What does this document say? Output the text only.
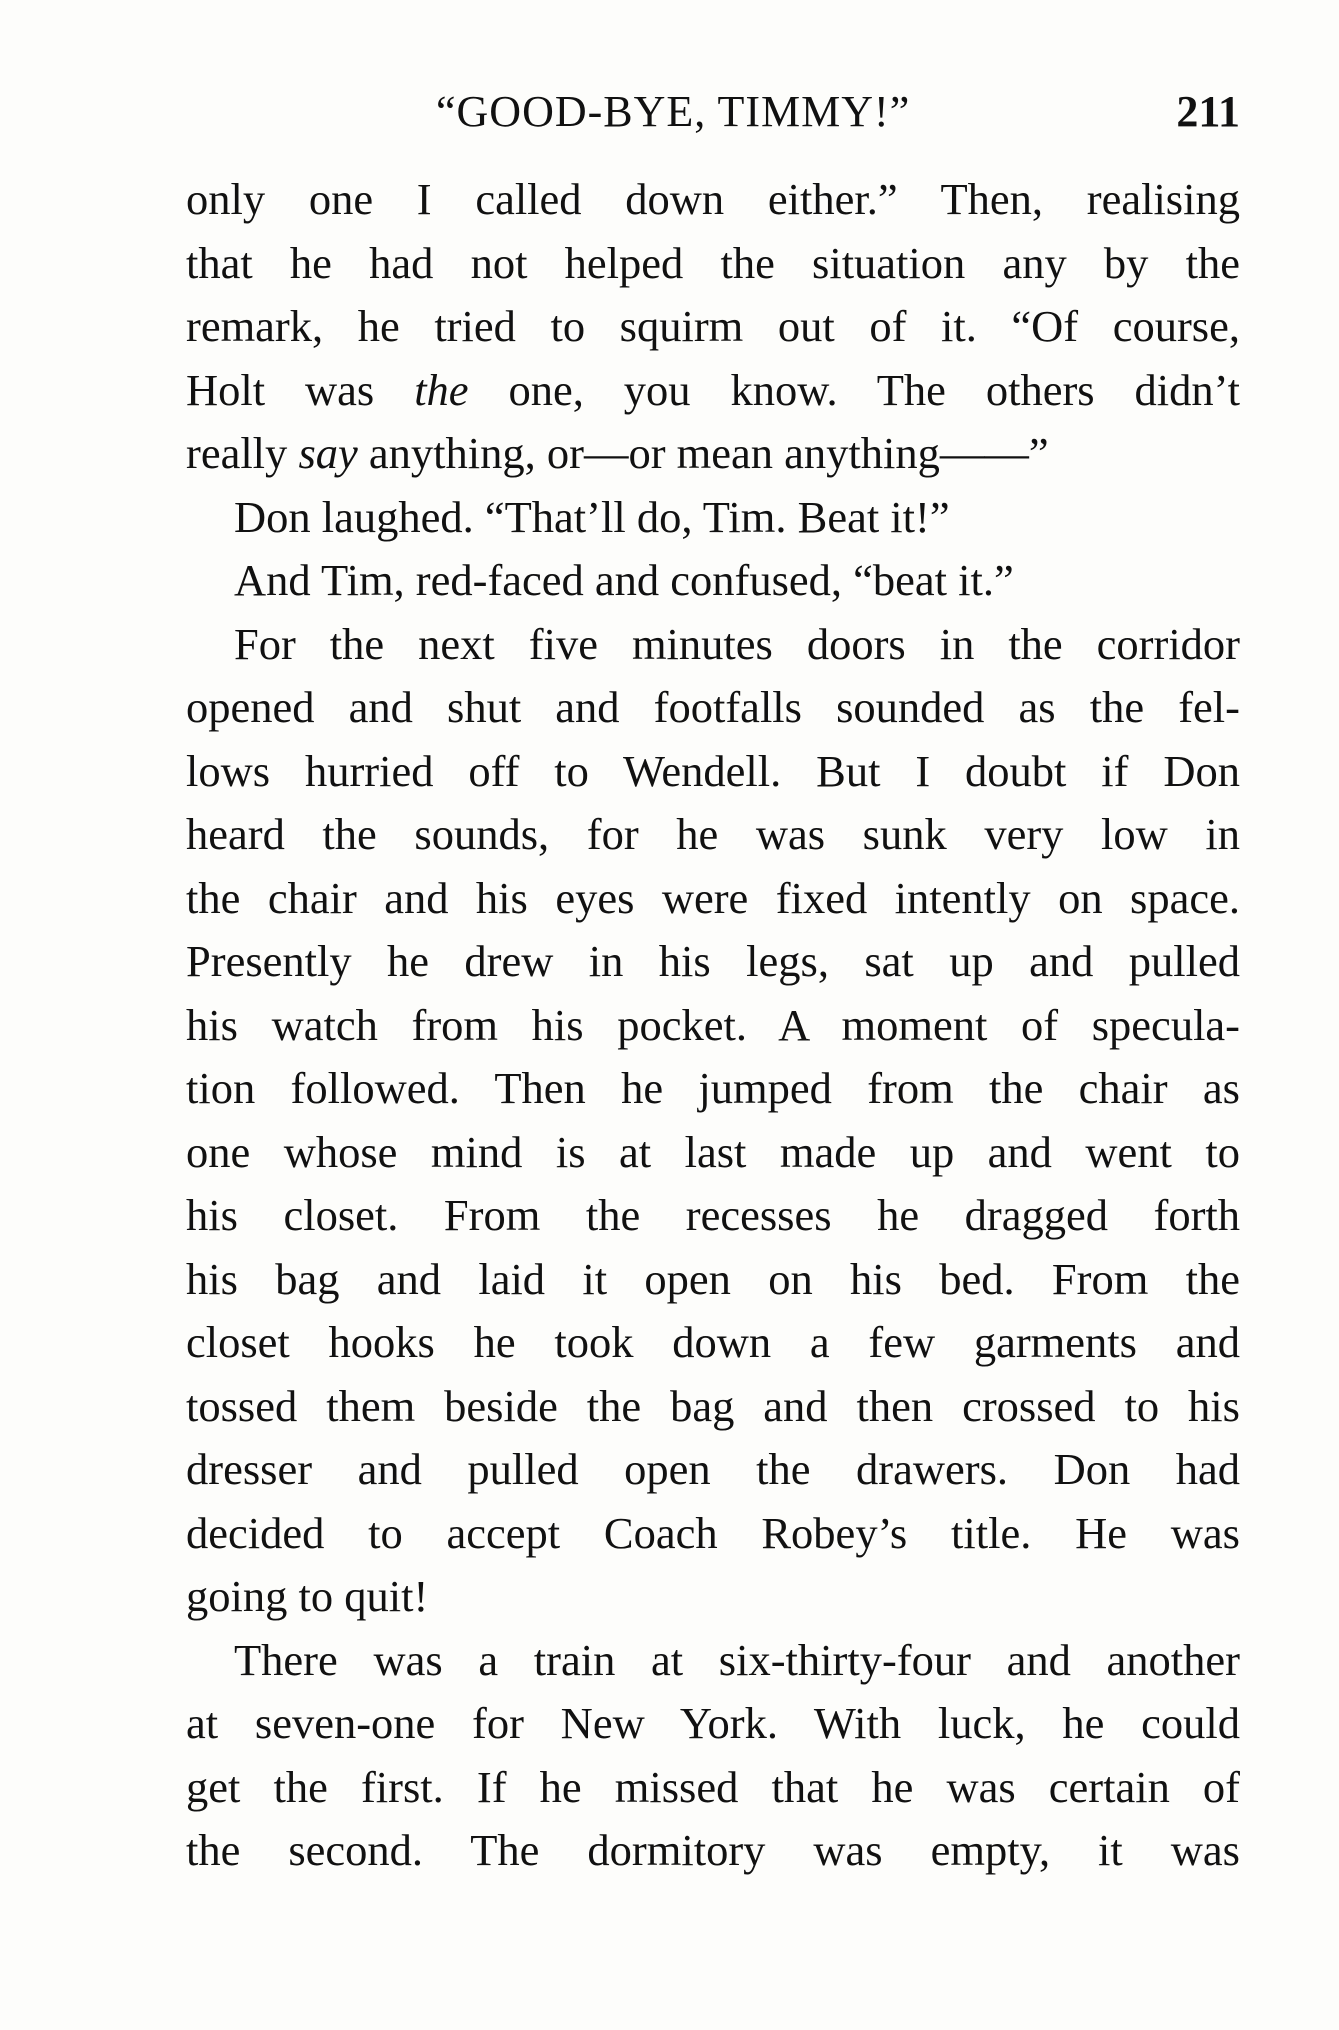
“GOOD-BYE, TIMMY!”	211
only one I called down either.” Then, realising
that he had not helped the situation any by the
remark, he tried to squirm out of it. “Of course,
Holt was the one, you know. The others didn’t
really say anything, or—or mean anything——”
Don laughed. “That’ll do, Tim. Beat it!”
And Tim, red-faced and confused, “beat it.”
For the next five minutes doors in the corridor
opened and shut and footfalls sounded as the fel-
lows hurried off to Wendell. But I doubt if Don
heard the sounds, for he was sunk very low in
the chair and his eyes were fixed intently on space.
Presently he drew in his legs, sat up and pulled
his watch from his pocket. A moment of specula-
tion followed. Then he jumped from the chair as
one whose mind is at last made up and went to
his closet. From the recesses he dragged forth
his bag and laid it open on his bed. From the
closet hooks he took down a few garments and
tossed them beside the bag and then crossed to his
dresser and pulled open the drawers. Don had
decided to accept Coach Robey’s title. He was
going to quit!
There was a train at six-thirty-four and another
at seven-one for New York. With luck, he could
get the first. If he missed that he was certain of
the second. The dormitory was empty, it was
